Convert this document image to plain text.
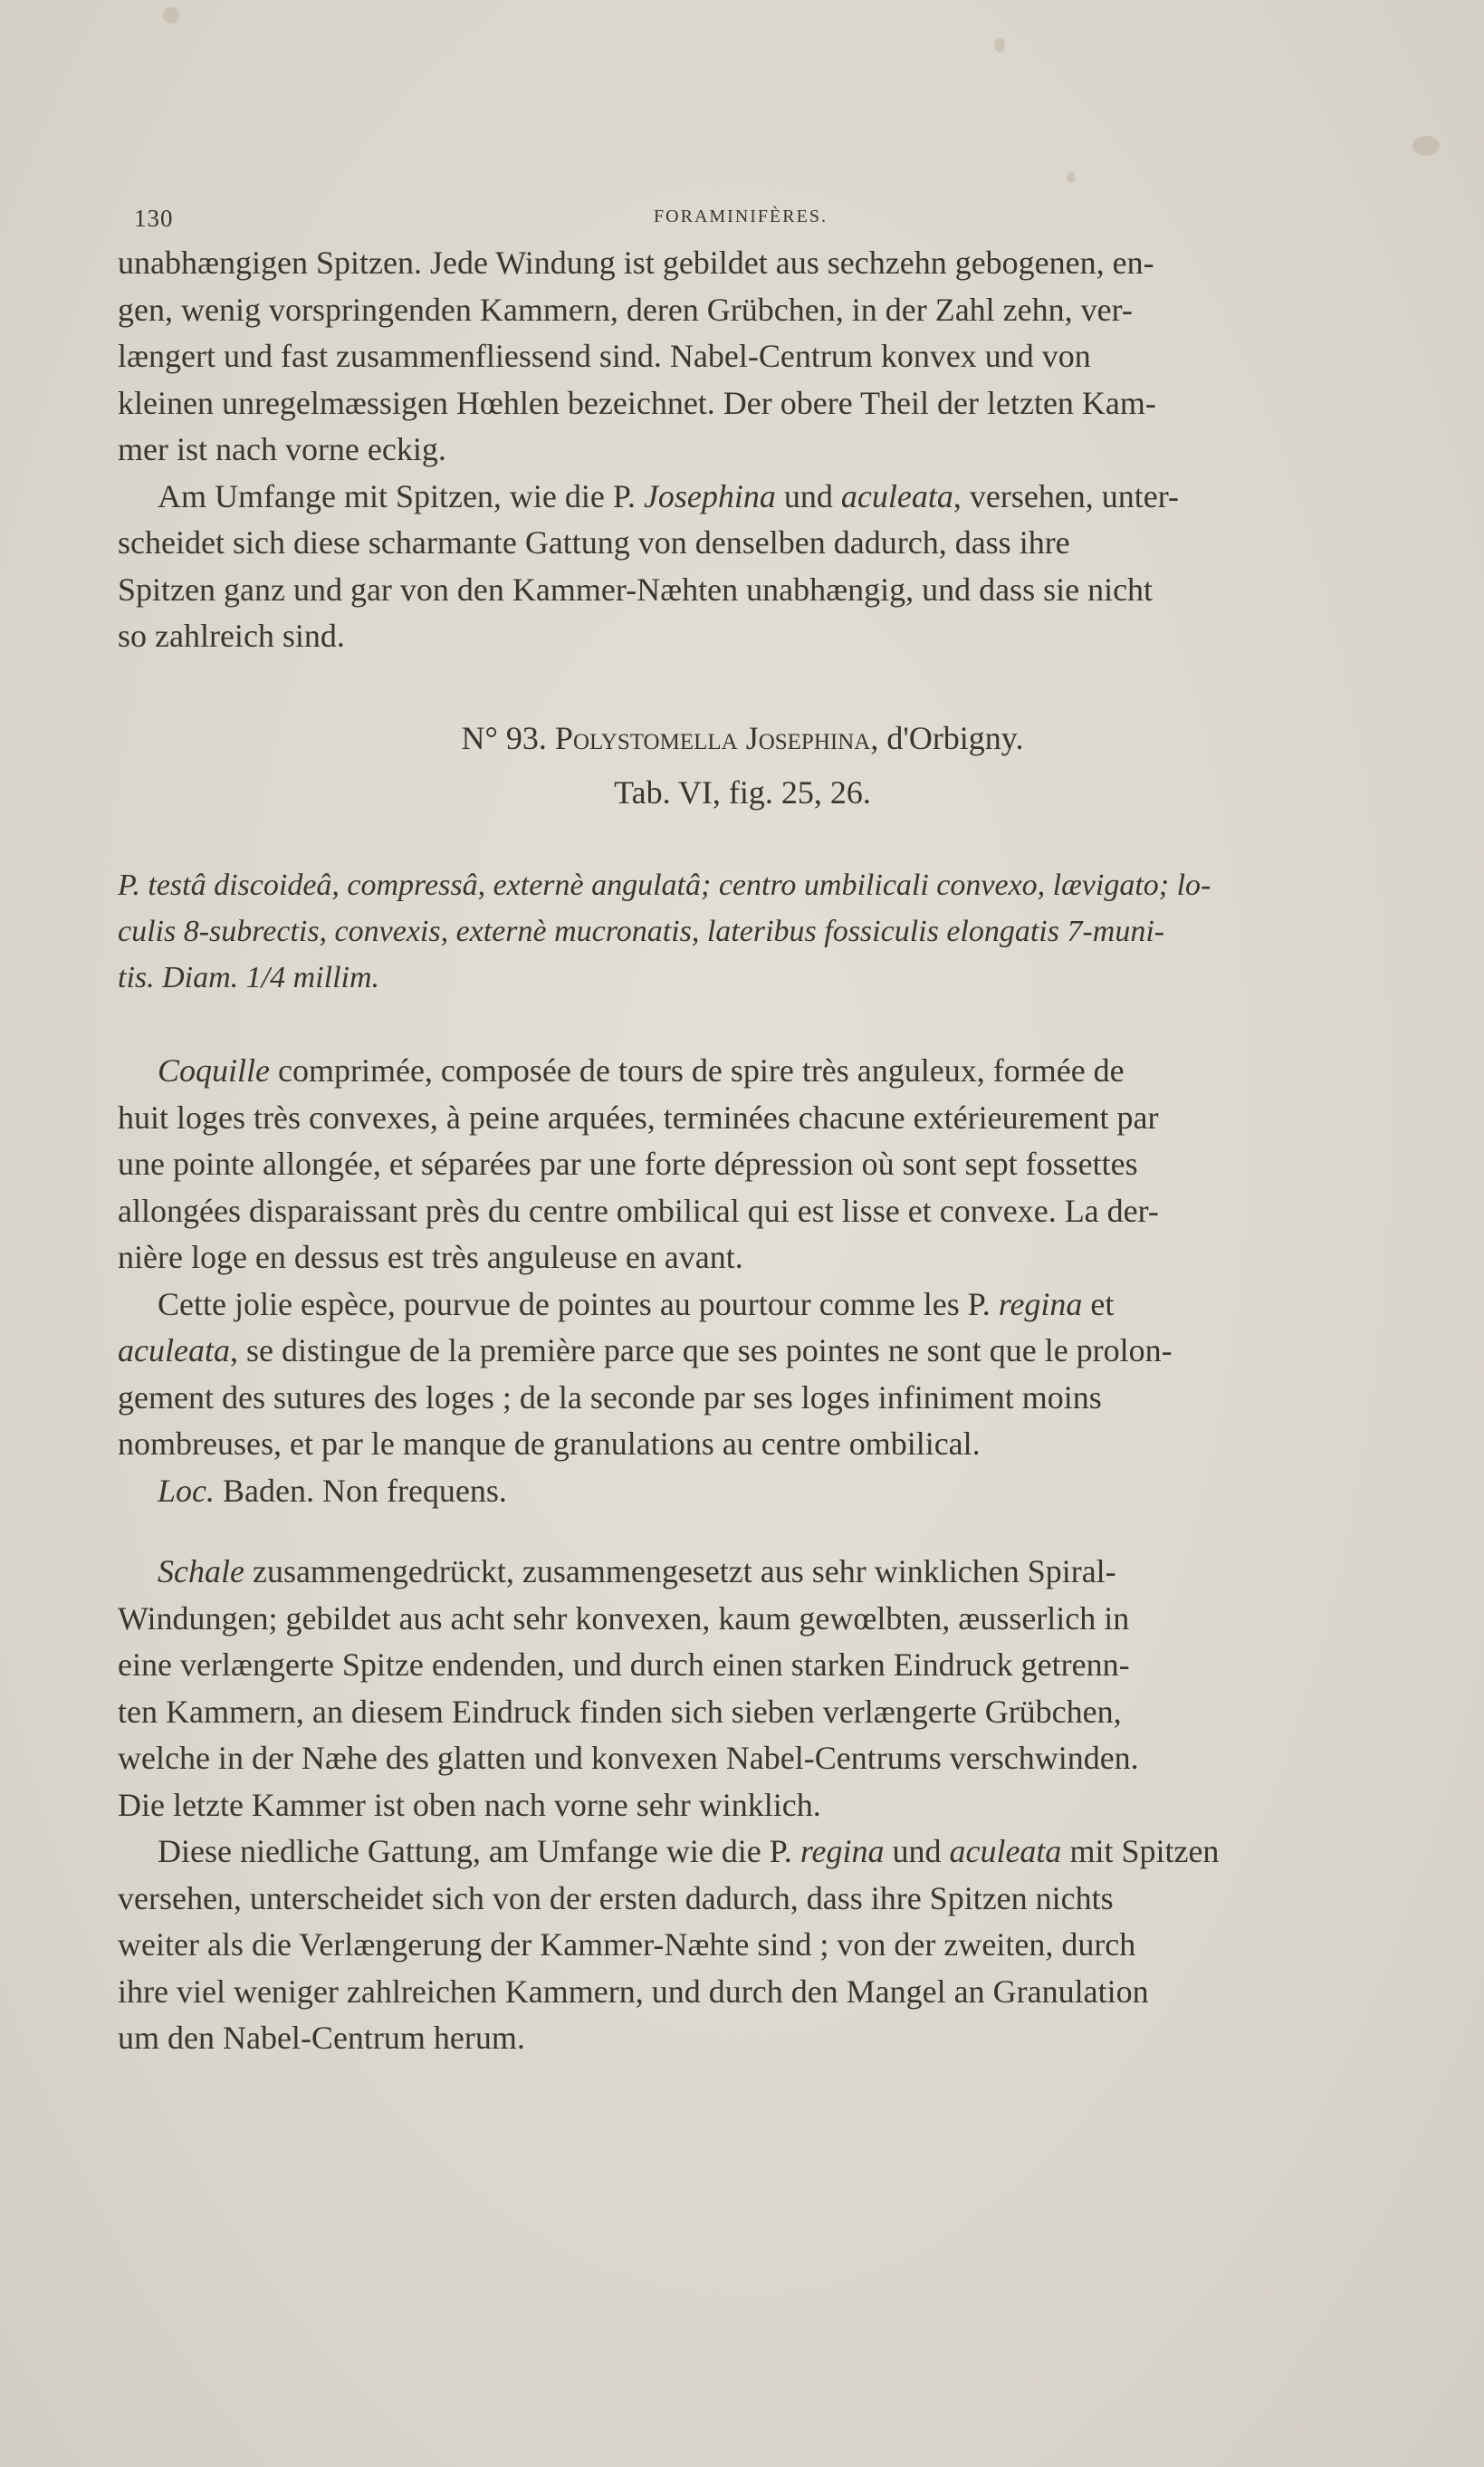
130	FORAMINIFÈRES.

unabhængigen Spitzen. Jede Windung ist gebildet aus sechzehn gebogenen, en-
gen, wenig vorspringenden Kammern, deren Grübchen, in der Zahl zehn, ver-
længert und fast zusammenfliessend sind. Nabel-Centrum konvex und von
kleinen unregelmæssigen Hœhlen bezeichnet. Der obere Theil der letzten Kam-
mer ist nach vorne eckig.

Am Umfange mit Spitzen, wie die P. Josephina und aculeata, versehen, unter-
scheidet sich diese scharmante Gattung von denselben dadurch, dass ihre
Spitzen ganz und gar von den Kammer-Næhten unabhængig, und dass sie nicht
so zahlreich sind.

N° 93. Polystomella Josephina, d'Orbigny.
Tab. VI, fig. 25, 26.
P. testâ discoideâ, compressâ, externè angulatâ; centro umbilicali convexo, lævigato; lo-
culis 8-subrectis, convexis, externè mucronatis, lateribus fossiculis elongatis 7-muni-
tis. Diam. 1/4 millim.

Coquille comprimée, composée de tours de spire très anguleux, formée de
huit loges très convexes, à peine arquées, terminées chacune extérieurement par
une pointe allongée, et séparées par une forte dépression où sont sept fossettes
allongées disparaissant près du centre ombilical qui est lisse et convexe. La der-
nière loge en dessus est très anguleuse en avant.

Cette jolie espèce, pourvue de pointes au pourtour comme les P. regina et
aculeata, se distingue de la première parce que ses pointes ne sont que le prolon-
gement des sutures des loges ; de la seconde par ses loges infiniment moins
nombreuses, et par le manque de granulations au centre ombilical.

Loc. Baden. Non frequens.

Schale zusammengedrückt, zusammengesetzt aus sehr winklichen Spiral-
Windungen; gebildet aus acht sehr konvexen, kaum gewœlbten, æusserlich in
eine verlængerte Spitze endenden, und durch einen starken Eindruck getrenn-
ten Kammern, an diesem Eindruck finden sich sieben verlængerte Grübchen,
welche in der Næhe des glatten und konvexen Nabel-Centrums verschwinden.
Die letzte Kammer ist oben nach vorne sehr winklich.

Diese niedliche Gattung, am Umfange wie die P. regina und aculeata mit Spitzen
versehen, unterscheidet sich von der ersten dadurch, dass ihre Spitzen nichts
weiter als die Verlængerung der Kammer-Næhte sind ; von der zweiten, durch
ihre viel weniger zahlreichen Kammern, und durch den Mangel an Granulation
um den Nabel-Centrum herum.
